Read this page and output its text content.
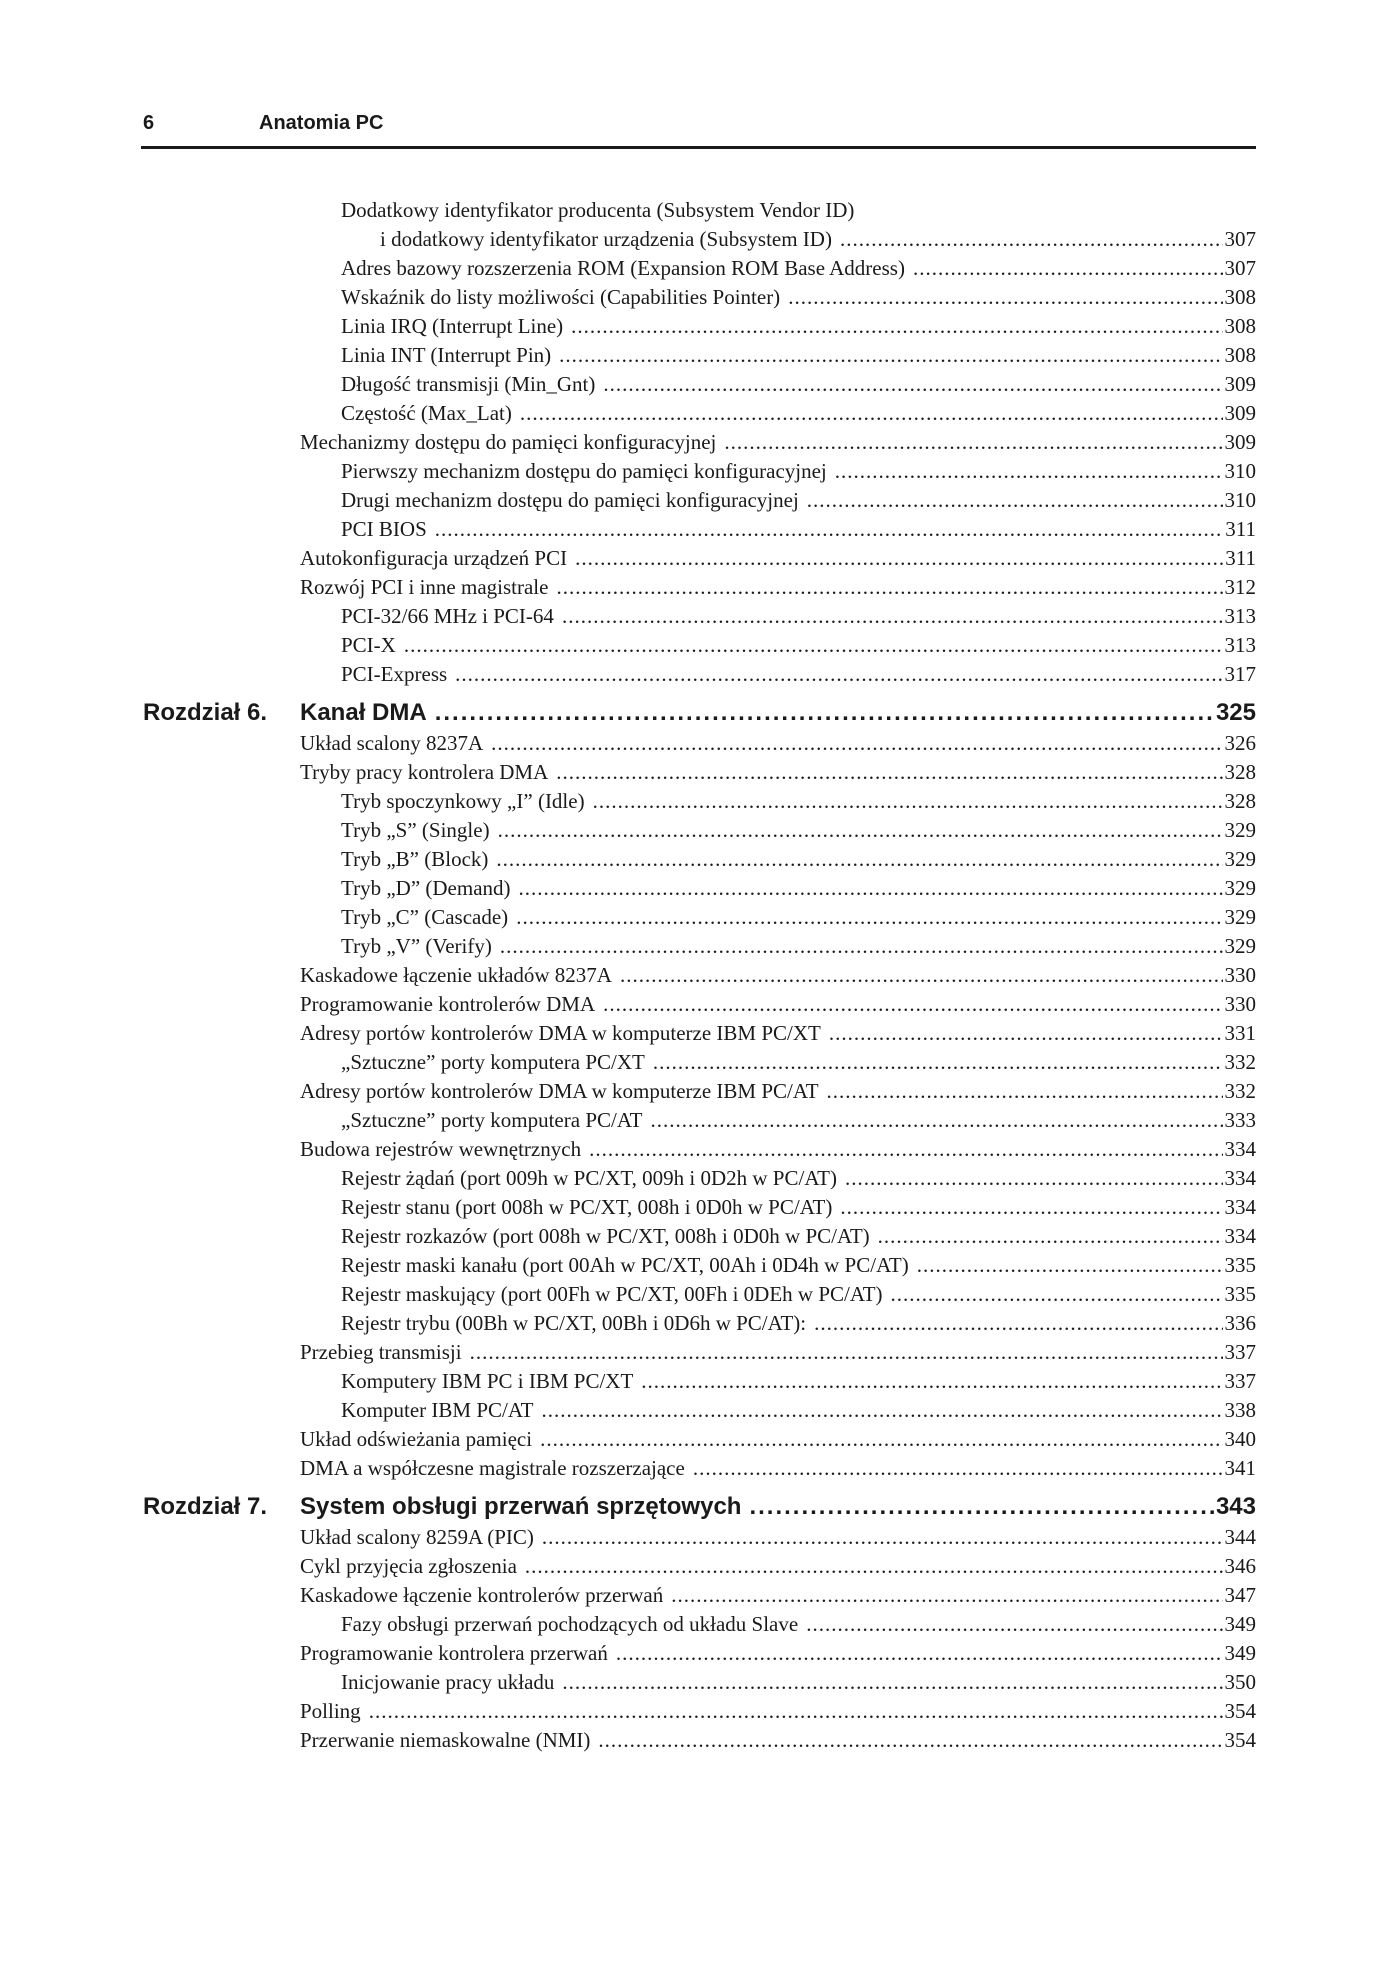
6	Anatomia PC
Dodatkowy identyfikator producenta (Subsystem Vendor ID)
i dodatkowy identyfikator urządzenia (Subsystem ID) .....	307
Adres bazowy rozszerzenia ROM (Expansion ROM Base Address) .....	307
Wskaźnik do listy możliwości (Capabilities Pointer) .....	308
Linia IRQ (Interrupt Line) .....	308
Linia INT (Interrupt Pin) .....	308
Długość transmisji (Min_Gnt) .....	309
Częstość (Max_Lat) .....	309
Mechanizmy dostępu do pamięci konfiguracyjnej .....	309
Pierwszy mechanizm dostępu do pamięci konfiguracyjnej .....	310
Drugi mechanizm dostępu do pamięci konfiguracyjnej .....	310
PCI BIOS .....	311
Autokonfiguracja urządzeń PCI .....	311
Rozwój PCI i inne magistrale .....	312
PCI-32/66 MHz i PCI-64 .....	313
PCI-X .....	313
PCI-Express .....	317
Rozdział 6. Kanał DMA .....	325
Układ scalony 8237A .....	326
Tryby pracy kontrolera DMA .....	328
Tryb spoczynkowy „I” (Idle) .....	328
Tryb „S” (Single) .....	329
Tryb „B” (Block) .....	329
Tryb „D” (Demand) .....	329
Tryb „C” (Cascade) .....	329
Tryb „V” (Verify) .....	329
Kaskadowe łączenie układów 8237A .....	330
Programowanie kontrolerów DMA .....	330
Adresy portów kontrolerów DMA w komputerze IBM PC/XT .....	331
„Sztuczne” porty komputera PC/XT .....	332
Adresy portów kontrolerów DMA w komputerze IBM PC/AT .....	332
„Sztuczne” porty komputera PC/AT .....	333
Budowa rejestrów wewnętrznych .....	334
Rejestr żądań (port 009h w PC/XT, 009h i 0D2h w PC/AT) .....	334
Rejestr stanu (port 008h w PC/XT, 008h i 0D0h w PC/AT) .....	334
Rejestr rozkazów (port 008h w PC/XT, 008h i 0D0h w PC/AT) .....	334
Rejestr maski kanału (port 00Ah w PC/XT, 00Ah i 0D4h w PC/AT) .....	335
Rejestr maskujący (port 00Fh w PC/XT, 00Fh i 0DEh w PC/AT) .....	335
Rejestr trybu (00Bh w PC/XT, 00Bh i 0D6h w PC/AT): .....	336
Przebieg transmisji .....	337
Komputery IBM PC i IBM PC/XT .....	337
Komputer IBM PC/AT .....	338
Układ odświeżania pamięci .....	340
DMA a współczesne magistrale rozszerzające .....	341
Rozdział 7. System obsługi przerwań sprzętowych .....	343
Układ scalony 8259A (PIC) .....	344
Cykl przyjęcia zgłoszenia .....	346
Kaskadowe łączenie kontrolerów przerwań .....	347
Fazy obsługi przerwań pochodzących od układu Slave .....	349
Programowanie kontrolera przerwań .....	349
Inicjowanie pracy układu .....	350
Polling .....	354
Przerwanie niemaskowalne (NMI) .....	354
